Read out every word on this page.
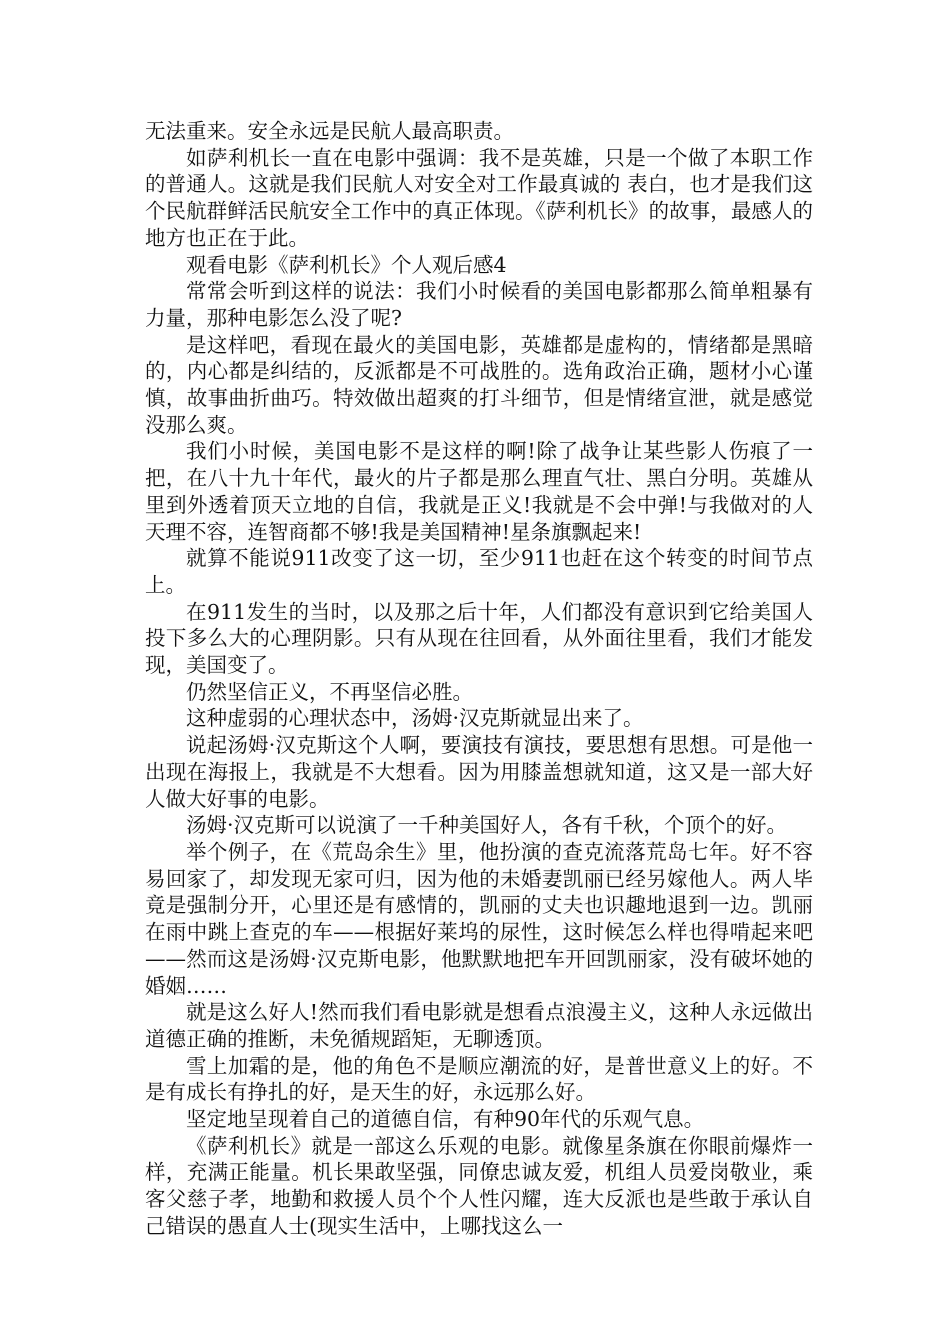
无法重来。安全永远是民航人最高职责。

如萨利机长一直在电影中强调：我不是英雄，只是一个做了本职工作的普通人。这就是我们民航人对安全对工作最真诚的 表白，也才是我们这个民航群鲜活民航安全工作中的真正体现。《萨利机长》的故事，最感人的地方也正在于此。

观看电影《萨利机长》个人观后感4

常常会听到这样的说法：我们小时候看的美国电影都那么简单粗暴有力量，那种电影怎么没了呢?

是这样吧，看现在最火的美国电影，英雄都是虚构的，情绪都是黑暗的，内心都是纠结的，反派都是不可战胜的。选角政治正确，题材小心谨慎，故事曲折曲巧。特效做出超爽的打斗细节，但是情绪宣泄，就是感觉没那么爽。

我们小时候，美国电影不是这样的啊!除了战争让某些影人伤痕了一把，在八十九十年代，最火的片子都是那么理直气壮、黑白分明。英雄从里到外透着顶天立地的自信，我就是正义!我就是不会中弹!与我做对的人天理不容，连智商都不够!我是美国精神!星条旗飘起来!

就算不能说911改变了这一切，至少911也赶在这个转变的时间节点上。

在911发生的当时，以及那之后十年，人们都没有意识到它给美国人投下多么大的心理阴影。只有从现在往回看，从外面往里看，我们才能发现，美国变了。

仍然坚信正义，不再坚信必胜。

这种虚弱的心理状态中，汤姆·汉克斯就显出来了。

说起汤姆·汉克斯这个人啊，要演技有演技，要思想有思想。可是他一出现在海报上，我就是不大想看。因为用膝盖想就知道，这又是一部大好人做大好事的电影。

汤姆·汉克斯可以说演了一千种美国好人，各有千秋，个顶个的好。

举个例子，在《荒岛余生》里，他扮演的查克流落荒岛七年。好不容易回家了，却发现无家可归，因为他的未婚妻凯丽已经另嫁他人。两人毕竟是强制分开，心里还是有感情的，凯丽的丈夫也识趣地退到一边。凯丽在雨中跳上查克的车——根据好莱坞的尿性，这时候怎么样也得啃起来吧——然而这是汤姆·汉克斯电影，他默默地把车开回凯丽家，没有破坏她的婚姻……

就是这么好人!然而我们看电影就是想看点浪漫主义，这种人永远做出道德正确的推断，未免循规蹈矩，无聊透顶。

雪上加霜的是，他的角色不是顺应潮流的好，是普世意义上的好。不是有成长有挣扎的好，是天生的好，永远那么好。

坚定地呈现着自己的道德自信，有种90年代的乐观气息。

《萨利机长》就是一部这么乐观的电影。就像星条旗在你眼前爆炸一样，充满正能量。机长果敢坚强，同僚忠诚友爱，机组人员爱岗敬业，乘客父慈子孝，地勤和救援人员个个人性闪耀，连大反派也是些敢于承认自己错误的愚直人士(现实生活中，上哪找这么一
